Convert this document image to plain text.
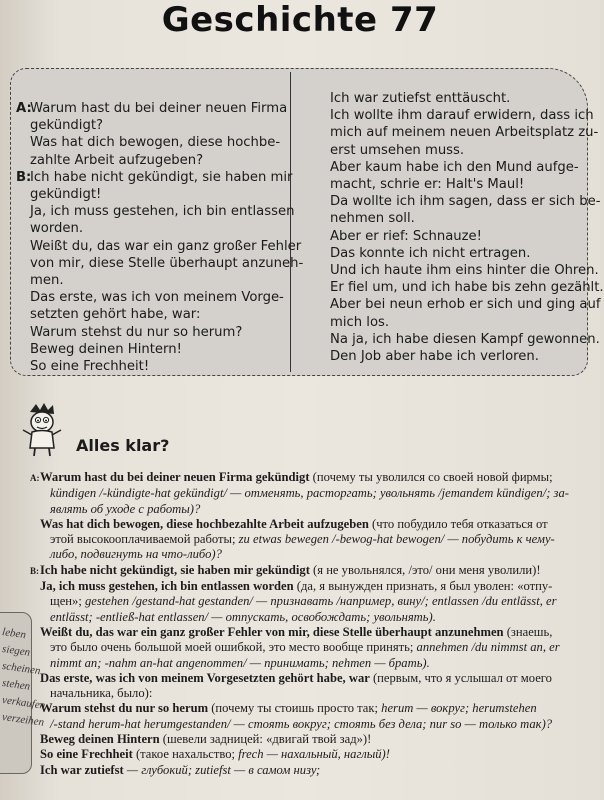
Geschichte 77
A:Warum hast du bei deiner neuen Firma
gekündigt?
Was hat dich bewogen, diese hochbe-
zahlte Arbeit aufzugeben?
B:Ich habe nicht gekündigt, sie haben mir
gekündigt!
Ja, ich muss gestehen, ich bin entlassen
worden.
Weißt du, das war ein ganz großer Fehler
von mir, diese Stelle überhaupt anzuneh-
men.
Das erste, was ich von meinem Vorge-
setzten gehört habe, war:
Warum stehst du nur so herum?
Beweg deinen Hintern!
So eine Frechheit!
Ich war zutiefst enttäuscht.
Ich wollte ihm darauf erwidern, dass ich
mich auf meinem neuen Arbeitsplatz zu-
erst umsehen muss.
Aber kaum habe ich den Mund aufge-
macht, schrie er: Halt's Maul!
Da wollte ich ihm sagen, dass er sich be-
nehmen soll.
Aber er rief: Schnauze!
Das konnte ich nicht ertragen.
Und ich haute ihm eins hinter die Ohren.
Er fiel um, und ich habe bis zehn gezählt.
Aber bei neun erhob er sich und ging auf
mich los.
Na ja, ich habe diesen Kampf gewonnen.
Den Job aber habe ich verloren.
Alles klar?
A:Warum hast du bei deiner neuen Firma gekündigt (почему ты уволился со своей новой фирмы;
kündigen /-kündigte-hat gekündigt/ — отменять, расторгать; увольнять /jemandem kündigen/; за-
являть об уходе с работы)?
Was hat dich bewogen, diese hochbezahlte Arbeit aufzugeben (что побудило тебя отказаться от
этой высокооплачиваемой работы; zu etwas bewegen /-bewog-hat bewogen/ — побудить к чему-
либо, подвигнуть на что-либо)?
B:Ich habe nicht gekündigt, sie haben mir gekündigt (я не увольнялся, /это/ они меня уволили)!
Ja, ich muss gestehen, ich bin entlassen worden (да, я вынужден признать, я был уволен: «отпу-
щен»; gestehen /gestand-hat gestanden/ — признавать /например, вину/; entlassen /du entlässt, er
entlässt; -entließ-hat entlassen/ — отпускать, освобождать; увольнять).
Weißt du, das war ein ganz großer Fehler von mir, diese Stelle überhaupt anzunehmen (знаешь,
это было очень большой моей ошибкой, это место вообще принять; annehmen /du nimmst an, er
nimmt an; -nahm an-hat angenommen/ — принимать; nehmen — брать).
Das erste, was ich von meinem Vorgesetzten gehört habe, war (первым, что я услышал от моего
начальника, было):
Warum stehst du nur so herum (почему ты стоишь просто так; herum — вокруг; herumstehen
/-stand herum-hat herumgestanden/ — стоять вокруг; стоять без дела; nur so — только так)?
Beweg deinen Hintern (шевели задницей: «двигай твой зад»)!
So eine Frechheit (такое нахальство; frech — нахальный, наглый)!
Ich war zutiefst — глубокий; zutiefst — в самом низу;
leben
siegen
scheinen
stehen
verkaufen
verzeihen
